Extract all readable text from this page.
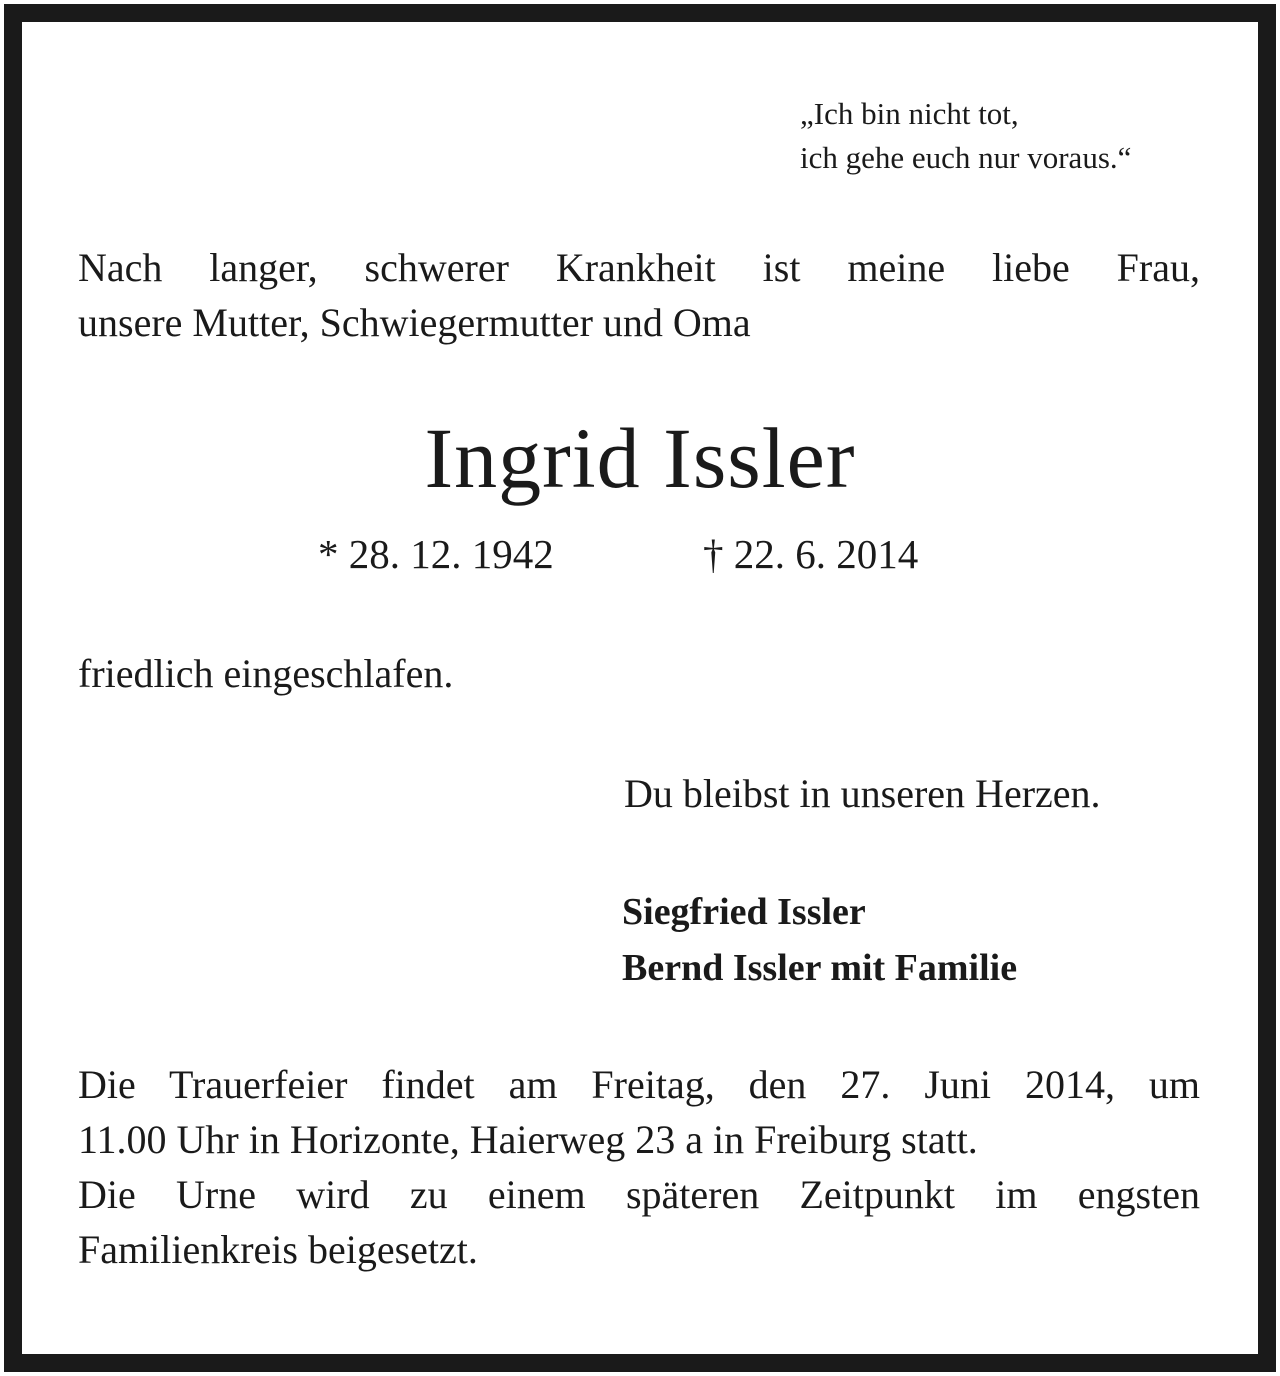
„Ich bin nicht tot,
ich gehe euch nur voraus.“
Nach langer, schwerer Krankheit ist meine liebe Frau,
unsere Mutter, Schwiegermutter und Oma
Ingrid Issler
* 28. 12. 1942	† 22. 6. 2014
friedlich eingeschlafen.
Du bleibst in unseren Herzen.
Siegfried Issler
Bernd Issler mit Familie
Die Trauerfeier findet am Freitag, den 27. Juni 2014, um
11.00 Uhr in Horizonte, Haierweg 23 a in Freiburg statt.
Die Urne wird zu einem späteren Zeitpunkt im engsten
Familienkreis beigesetzt.
